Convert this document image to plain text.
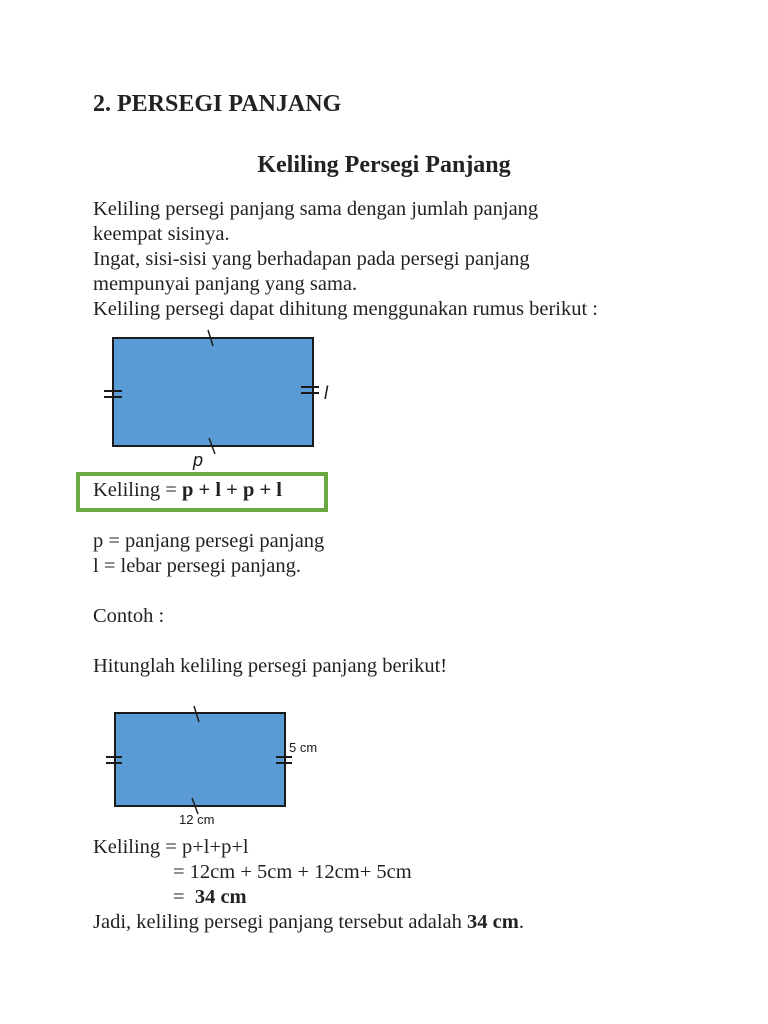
2. PERSEGI PANJANG
Keliling Persegi Panjang
Keliling persegi panjang sama dengan jumlah panjang
keempat sisinya.
Ingat, sisi-sisi yang berhadapan pada persegi panjang
mempunyai panjang yang sama.
Keliling persegi dapat dihitung menggunakan rumus berikut :
l
p
Keliling = p + l + p + l
p = panjang persegi panjang
l = lebar persegi panjang.
Contoh :
Hitunglah keliling persegi panjang berikut!
5 cm
12 cm
Keliling = p+l+p+l
= 12cm + 5cm + 12cm+ 5cm
=  34 cm
Jadi, keliling persegi panjang tersebut adalah 34 cm.
